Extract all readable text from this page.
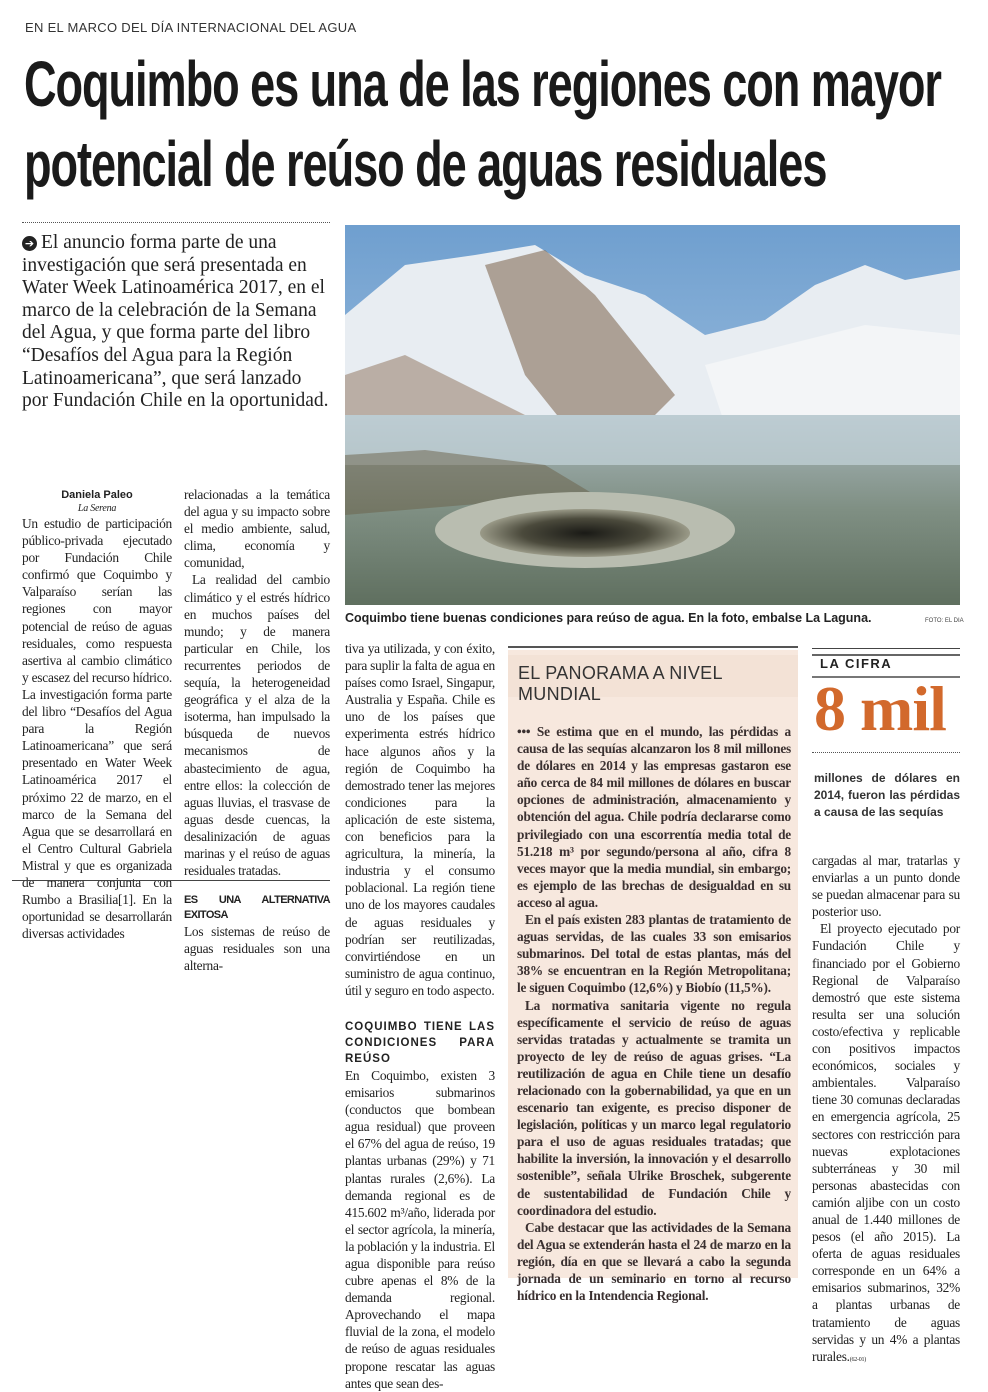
EN EL MARCO DEL DÍA INTERNACIONAL DEL AGUA
Coquimbo es una de las regiones con mayor
potencial de reúso de aguas residuales
➔ El anuncio forma parte de una investigación que será presentada en Water Week Latinoamérica 2017, en el marco de la celebración de la Semana del Agua, y que forma parte del libro “Desafíos del Agua para la Región Latinoamericana”, que será lanzado por Fundación Chile en la oportunidad.
Coquimbo tiene buenas condiciones para reúso de agua. En la foto, embalse La Laguna.	FOTO: EL DIA
Daniela Paleo
La Serena

Un estudio de participación público-privada ejecutado por Fundación Chile confirmó que Coquimbo y Valparaíso serían las regiones con mayor potencial de reúso de aguas residuales, como respuesta asertiva al cambio climático y escasez del recurso hídrico. La investigación forma parte del libro “Desafíos del Agua para la Región Latinoamericana” que será presentado en Water Week Latinoamérica 2017 el próximo 22 de marzo, en el marco de la Semana del Agua que se desarrollará en el Centro Cultural Gabriela Mistral y que es organizada de manera conjunta con Rumbo a Brasilia[1]. En la oportunidad se desarrollarán diversas actividades

relacionadas a la temática del agua y su impacto sobre el medio ambiente, salud, clima, economía y comunidad,

La realidad del cambio climático y el estrés hídrico en muchos países del mundo; y de manera particular en Chile, los recurrentes periodos de sequía, la heterogeneidad geográfica y el alza de la isoterma, han impulsado la búsqueda de nuevos mecanismos de abastecimiento de agua, entre ellos: la colección de aguas lluvias, el trasvase de aguas desde cuencas, la desalinización de aguas marinas y el reúso de aguas residuales tratadas.

ES UNA ALTERNATIVA EXITOSA

Los sistemas de reúso de aguas residuales son una alterna-

tiva ya utilizada, y con éxito, para suplir la falta de agua en países como Israel, Singapur, Australia y España. Chile es uno de los países que experimenta estrés hídrico hace algunos años y la región de Coquimbo ha demostrado tener las mejores condiciones para la aplicación de este sistema, con beneficios para la agricultura, la minería, la industria y el consumo poblacional. La región tiene uno de los mayores caudales de aguas residuales y podrían ser reutilizadas, convirtiéndose en un suministro de agua continuo, útil y seguro en todo aspecto.

COQUIMBO TIENE LAS CONDICIONES PARA REÚSO

En Coquimbo, existen 3 emisarios submarinos (conductos que bombean agua residual) que proveen el 67% del agua de reúso, 19 plantas urbanas (29%) y 71 plantas rurales (2,6%). La demanda regional es de 415.602 m³/año, liderada por el sector agrícola, la minería, la población y la industria. El agua disponible para reúso cubre apenas el 8% de la demanda regional. Aprovechando el mapa fluvial de la zona, el modelo de reúso de aguas residuales propone rescatar las aguas antes que sean des-

EL PANORAMA A NIVEL MUNDIAL

••• Se estima que en el mundo, las pérdidas a causa de las sequías alcanzaron los 8 mil millones de dólares en 2014 y las empresas gastaron ese año cerca de 84 mil millones de dólares en buscar opciones de administración, almacenamiento y obtención del agua. Chile podría declararse como privilegiado con una escorrentía media total de 51.218 m³ por segundo/persona al año, cifra 8 veces mayor que la media mundial, sin embargo; es ejemplo de las brechas de desigualdad en su acceso al agua.

En el país existen 283 plantas de tratamiento de aguas servidas, de las cuales 33 son emisarios submarinos. Del total de estas plantas, más del 38% se encuentran en la Región Metropolitana; le siguen Coquimbo (12,6%) y Biobío (11,5%).

La normativa sanitaria vigente no regula específicamente el servicio de reúso de aguas servidas tratadas y actualmente se tramita un proyecto de ley de reúso de aguas grises. “La reutilización de agua en Chile tiene un desafío relacionado con la gobernabilidad, ya que en un escenario tan exigente, es preciso disponer de legislación, políticas y un marco legal regulatorio para el uso de aguas residuales tratadas; que habilite la inversión, la innovación y el desarrollo sostenible”, señala Ulrike Broschek, subgerente de sustentabilidad de Fundación Chile y coordinadora del estudio.

Cabe destacar que las actividades de la Semana del Agua se extenderán hasta el 24 de marzo en la región, día en que se llevará a cabo la segunda jornada de un seminario en torno al recurso hídrico en la Intendencia Regional.

LA CIFRA
8 mil
millones de dólares en 2014, fueron las pérdidas a causa de las sequías

cargadas al mar, tratarlas y enviarlas a un punto donde se puedan almacenar para su posterior uso.

El proyecto ejecutado por Fundación Chile y financiado por el Gobierno Regional de Valparaíso demostró que este sistema resulta ser una solución costo/efectiva y replicable con positivos impactos económicos, sociales y ambientales. Valparaíso tiene 30 comunas declaradas en emergencia agrícola, 25 sectores con restricción para nuevas explotaciones subterráneas y 30 mil personas abastecidas con camión aljibe con un costo anual de 1.440 millones de pesos (el año 2015). La oferta de aguas residuales corresponde en un 64% a emisarios submarinos, 32% a plantas urbanas de tratamiento de aguas servidas y un 4% a plantas rurales.(62-01)
